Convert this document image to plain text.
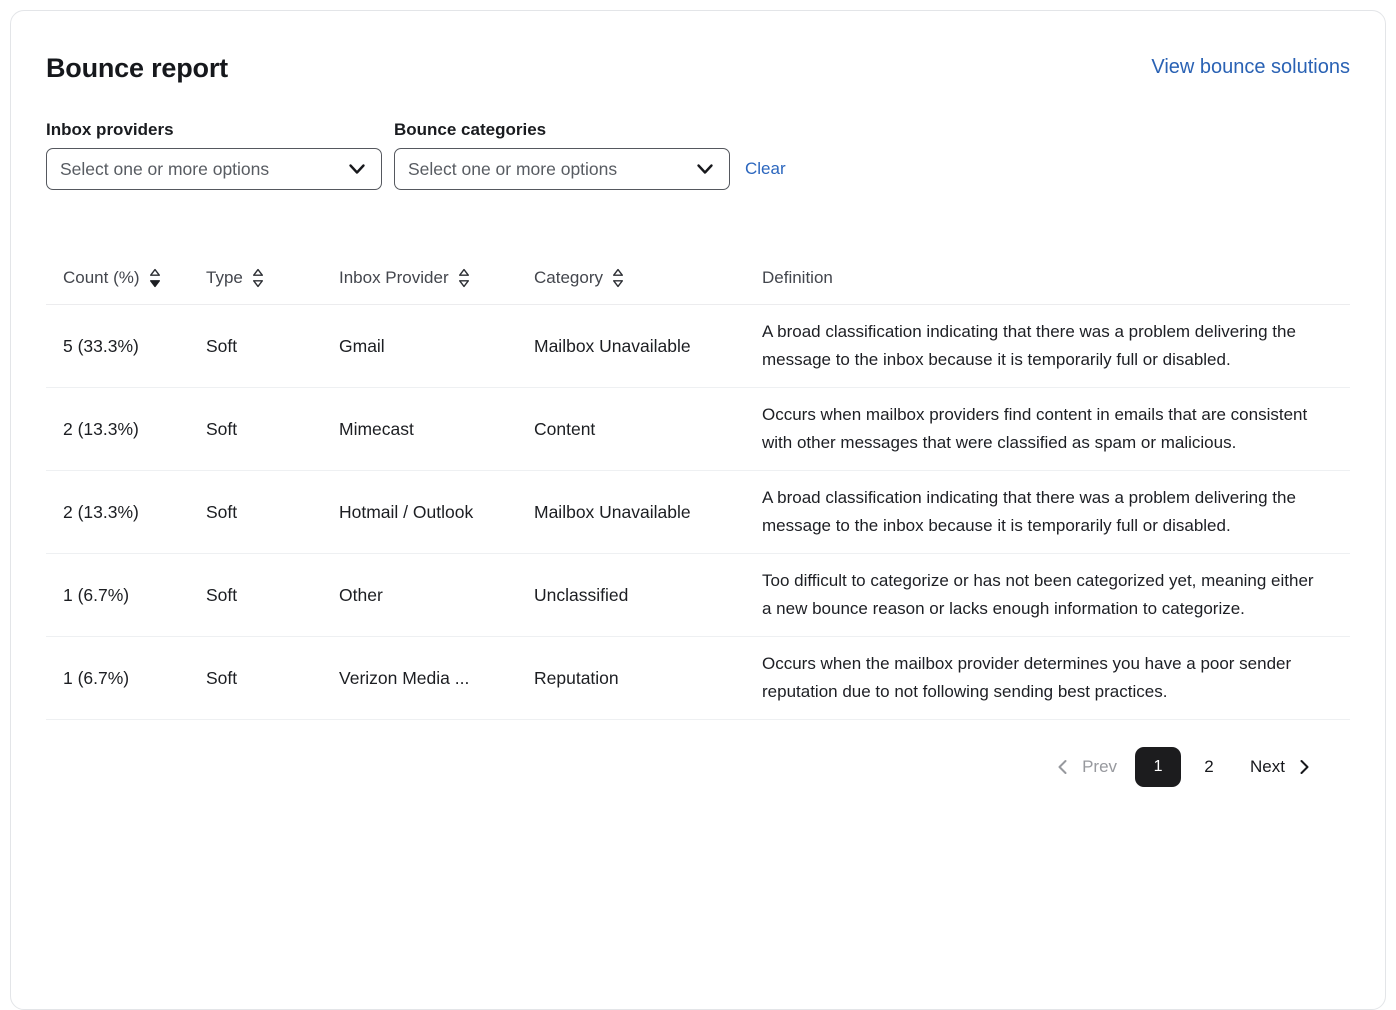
Bounce report	View bounce solutions
Inbox providers
Select one or more options
Bounce categories
Select one or more options	Clear
Count (%)	Type	Inbox Provider	Category	Definition

5 (33.3%)	Soft	Gmail	Mailbox Unavailable	A broad classification indicating that there was a problem delivering the message to the inbox because it is temporarily full or disabled.
2 (13.3%)	Soft	Mimecast	Content	Occurs when mailbox providers find content in emails that are consistent with other messages that were classified as spam or malicious.
2 (13.3%)	Soft	Hotmail / Outlook	Mailbox Unavailable	A broad classification indicating that there was a problem delivering the message to the inbox because it is temporarily full or disabled.
1 (6.7%)	Soft	Other	Unclassified	Too difficult to categorize or has not been categorized yet, meaning either a new bounce reason or lacks enough information to categorize.
1 (6.7%)	Soft	Verizon Media ...	Reputation	Occurs when the mailbox provider determines you have a poor sender reputation due to not following sending best practices.
Prev	1	2	Next
